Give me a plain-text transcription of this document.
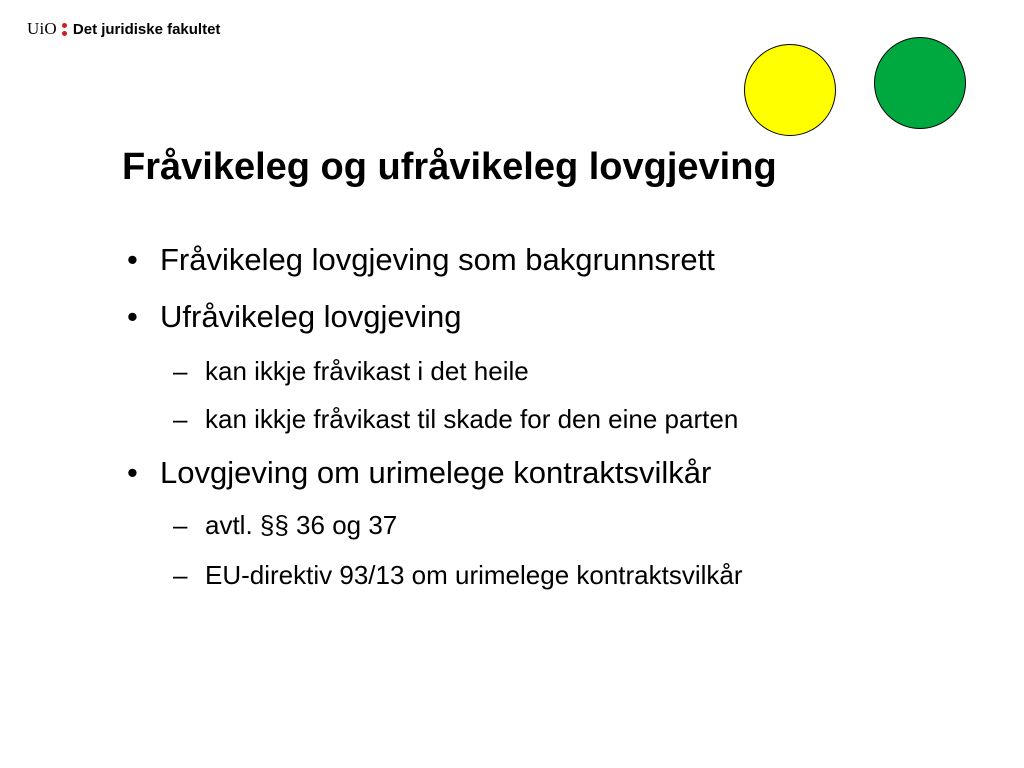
UiO Det juridiske fakultet
Fråvikeleg og ufråvikeleg lovgjeving
• Fråvikeleg lovgjeving som bakgrunnsrett
• Ufråvikeleg lovgjeving
– kan ikkje fråvikast i det heile
– kan ikkje fråvikast til skade for den eine parten
• Lovgjeving om urimelege kontraktsvilkår
– avtl. §§ 36 og 37
– EU-direktiv 93/13 om urimelege kontraktsvilkår
